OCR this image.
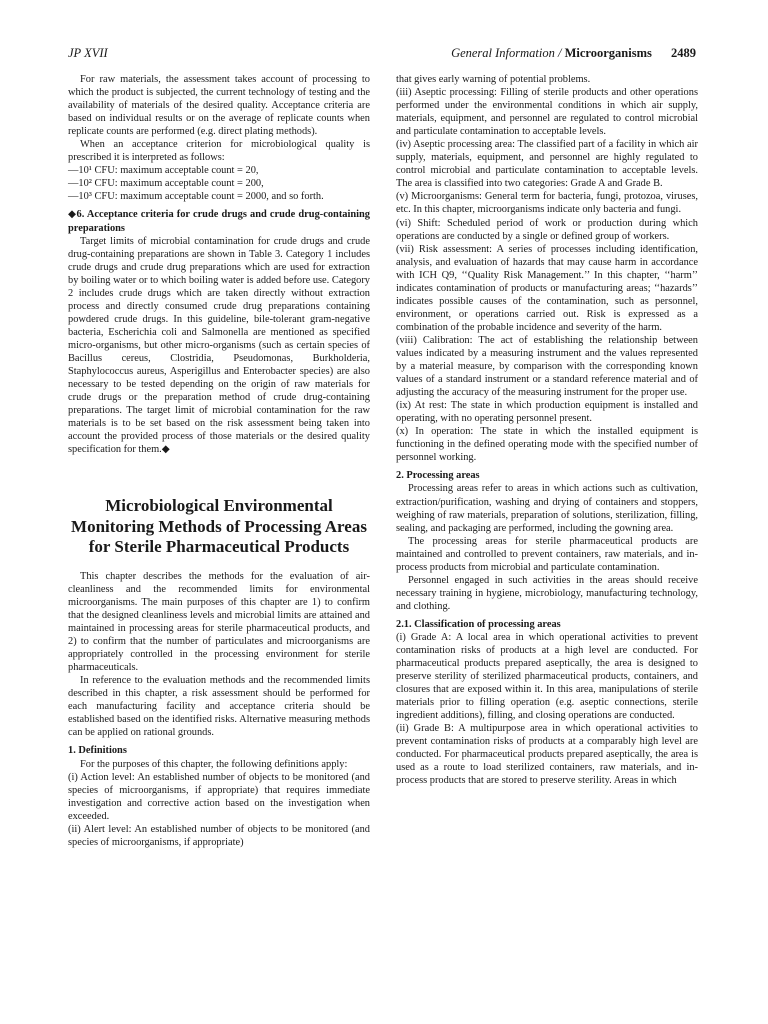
JP XVII	General Information / Microorganisms 2489

For raw materials, the assessment takes account of processing to which the product is subjected, the current technology of testing and the availability of materials of the desired quality. Acceptance criteria are based on individual results or on the average of replicate counts when replicate counts are performed (e.g. direct plating methods).

When an acceptance criterion for microbiological quality is prescribed it is interpreted as follows:

—10¹ CFU: maximum acceptable count = 20,

—10² CFU: maximum acceptable count = 200,

—10³ CFU: maximum acceptable count = 2000, and so forth.

◆6. Acceptance criteria for crude drugs and crude drug-containing preparations

Target limits of microbial contamination for crude drugs and crude drug-containing preparations are shown in Table 3. Category 1 includes crude drugs and crude drug preparations which are used for extraction by boiling water or to which boiling water is added before use. Category 2 includes crude drugs which are taken directly without extraction process and directly consumed crude drug preparations containing powdered crude drugs. In this guideline, bile-tolerant gram-negative bacteria, Escherichia coli and Salmonella are mentioned as specified micro-organisms, but other micro-organisms (such as certain species of Bacillus cereus, Clostridia, Pseudomonas, Burkholderia, Staphylococcus aureus, Asperigillus and Enterobacter species) are also necessary to be tested depending on the origin of raw materials for crude drugs or the preparation method of crude drug-containing preparations. The target limit of microbial contamination for the raw materials is to be set based on the risk assessment being taken into account the provided process of those materials or the desired quality specification for them.◆

Microbiological Environmental Monitoring Methods of Processing Areas for Sterile Pharmaceutical Products

This chapter describes the methods for the evaluation of air-cleanliness and the recommended limits for environmental microorganisms. The main purposes of this chapter are 1) to confirm that the designed cleanliness levels and microbial limits are attained and maintained in processing areas for sterile pharmaceutical products, and 2) to confirm that the number of particulates and microorganisms are appropriately controlled in the processing environment for sterile pharmaceuticals.

In reference to the evaluation methods and the recommended limits described in this chapter, a risk assessment should be performed for each manufacturing facility and acceptance criteria should be established based on the identified risks. Alternative measuring methods can be applied on rational grounds.

1. Definitions

For the purposes of this chapter, the following definitions apply:

(i) Action level: An established number of objects to be monitored (and species of microorganisms, if appropriate) that requires immediate investigation and corrective action based on the investigation when exceeded.

(ii) Alert level: An established number of objects to be monitored (and species of microorganisms, if appropriate)

that gives early warning of potential problems.

(iii) Aseptic processing: Filling of sterile products and other operations performed under the environmental conditions in which air supply, materials, equipment, and personnel are regulated to control microbial and particulate contamination to acceptable levels.

(iv) Aseptic processing area: The classified part of a facility in which air supply, materials, equipment, and personnel are highly regulated to control microbial and particulate contamination to acceptable levels. The area is classified into two categories: Grade A and Grade B.

(v) Microorganisms: General term for bacteria, fungi, protozoa, viruses, etc. In this chapter, microorganisms indicate only bacteria and fungi.

(vi) Shift: Scheduled period of work or production during which operations are conducted by a single or defined group of workers.

(vii) Risk assessment: A series of processes including identification, analysis, and evaluation of hazards that may cause harm in accordance with ICH Q9, ‘‘Quality Risk Management.’’ In this chapter, ‘‘harm’’ indicates contamination of products or manufacturing areas; ‘‘hazards’’ indicates possible causes of the contamination, such as personnel, environment, or operations carried out. Risk is expressed as a combination of the probable incidence and severity of the harm.

(viii) Calibration: The act of establishing the relationship between values indicated by a measuring instrument and the values represented by a material measure, by comparison with the corresponding known values of a standard instrument or a standard reference material and of adjusting the accuracy of the measuring instrument for the proper use.

(ix) At rest: The state in which production equipment is installed and operating, with no operating personnel present.

(x) In operation: The state in which the installed equipment is functioning in the defined operating mode with the specified number of personnel working.

2. Processing areas

Processing areas refer to areas in which actions such as cultivation, extraction/purification, washing and drying of containers and stoppers, weighing of raw materials, preparation of solutions, sterilization, filling, sealing, and packaging are performed, including the gowning area.

The processing areas for sterile pharmaceutical products are maintained and controlled to prevent containers, raw materials, and in-process products from microbial and particulate contamination.

Personnel engaged in such activities in the areas should receive necessary training in hygiene, microbiology, manufacturing technology, and clothing.

2.1. Classification of processing areas

(i) Grade A: A local area in which operational activities to prevent contamination risks of products at a high level are conducted. For pharmaceutical products prepared aseptically, the area is designed to preserve sterility of sterilized pharmaceutical products, containers, and closures that are exposed within it. In this area, manipulations of sterile materials prior to filling operation (e.g. aseptic connections, sterile ingredient additions), filling, and closing operations are conducted.

(ii) Grade B: A multipurpose area in which operational activities to prevent contamination risks of products at a comparably high level are conducted. For pharmaceutical products prepared aseptically, the area is used as a route to load sterilized containers, raw materials, and in-process products that are stored to preserve sterility. Areas in which
